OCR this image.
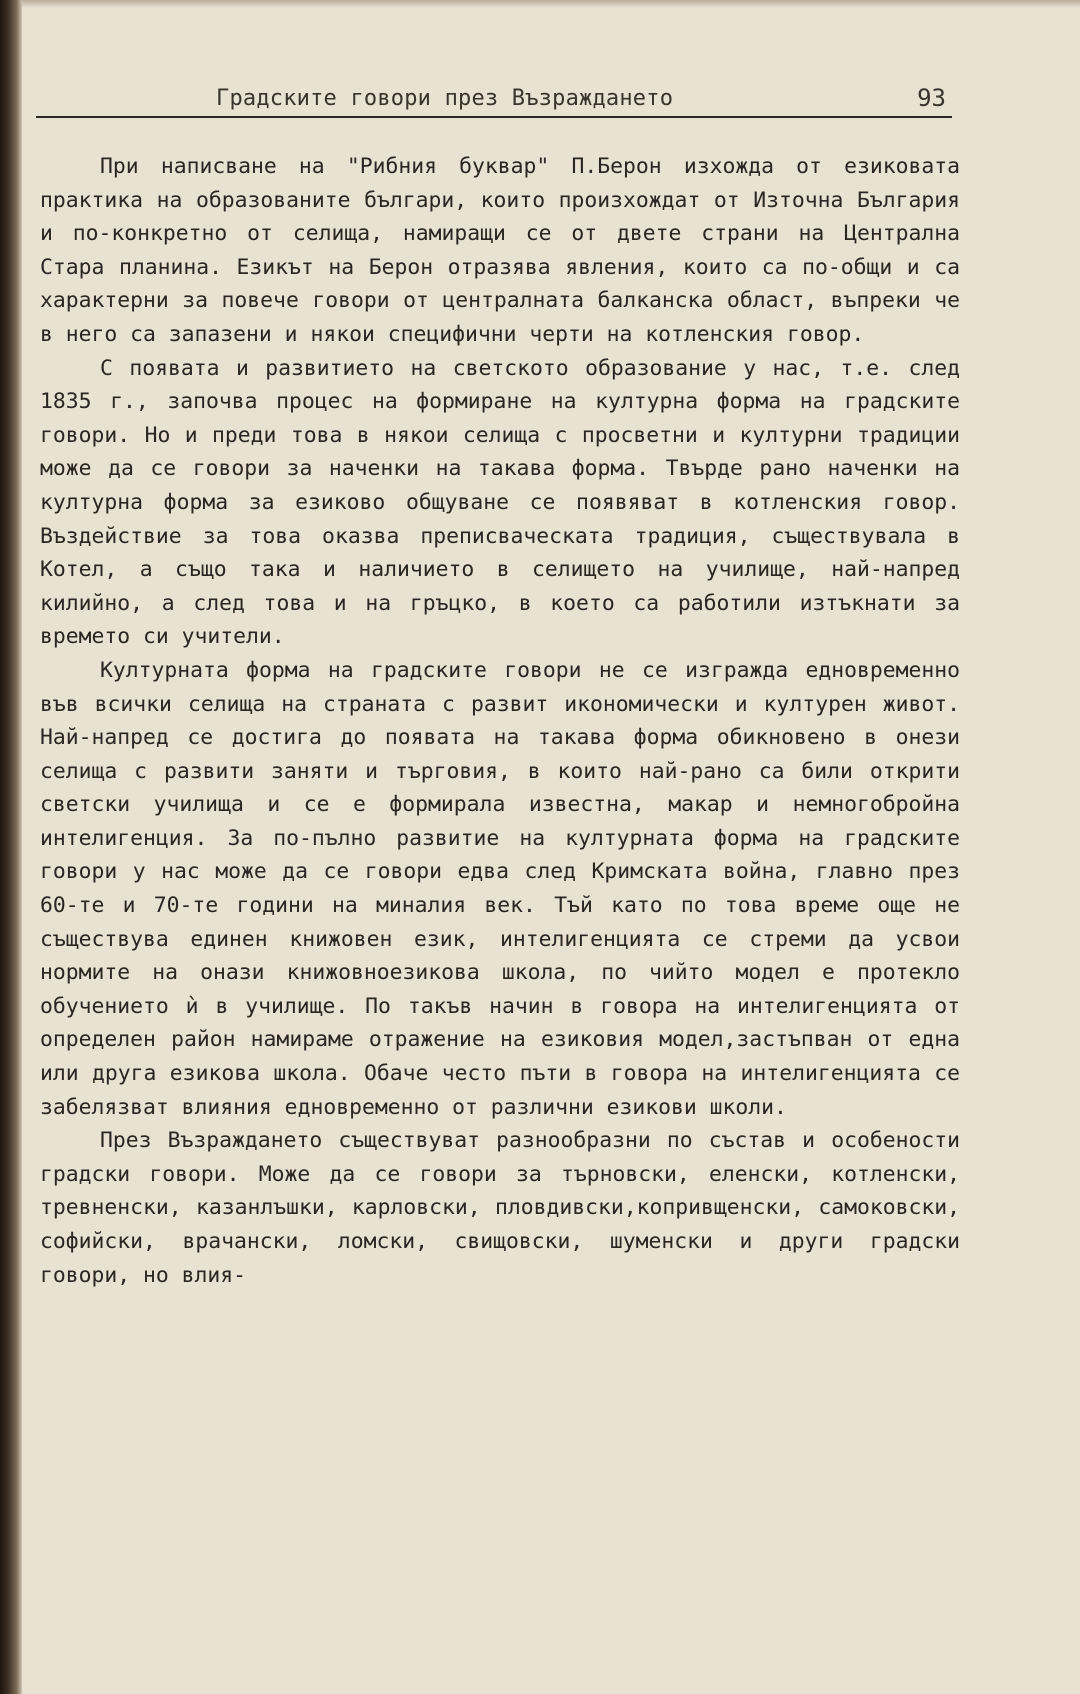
Градските говори през Възраждането	93

При написване на "Рибния буквар" П.Берон изхожда от езиковата практика на образованите българи, които произхождат от Източна България и по-конкретно от селища, намиращи се от двете страни на Централна Стара планина. Езикът на Берон отразява явления, които са по-общи и са характерни за повече говори от централната балканска област, въпреки че в него са запазени и някои специфични черти на котленския говор.

С появата и развитието на светското образование у нас, т.е. след 1835 г., започва процес на формиране на културна форма на градските говори. Но и преди това в някои селища с просветни и културни традиции може да се говори за наченки на такава форма. Твърде рано наченки на културна форма за езиково общуване се появяват в котленския говор. Въздействие за това оказва преписваческата традиция, съществувала в Котел, а също така и наличието в селището на училище, най-напред килийно, а след това и на гръцко, в което са работили изтъкнати за времето си учители.

Културната форма на градските говори не се изгражда едновременно във всички селища на страната с развит икономически и културен живот. Най-напред се достига до появата на такава форма обикновено в онези селища с развити заняти и търговия, в които най-рано са били открити светски училища и се е формирала известна, макар и немногобройна интелигенция. За по-пълно развитие на културната форма на градските говори у нас може да се говори едва след Кримската война, главно през 60-те и 70-те години на миналия век. Тъй като по това време още не съществува единен книжовен език, интелигенцията се стреми да усвои нормите на онази книжовноезикова школа, по чийто модел е протекло обучението ѝ в училище. По такъв начин в говора на интелигенцията от определен район намираме отражение на езиковия модел,застъпван от една или друга езикова школа. Обаче често пъти в говора на интелигенцията се забелязват влияния едновременно от различни езикови школи.

През Възраждането съществуват разнообразни по състав и особености градски говори. Може да се говори за търновски, еленски, котленски, тревненски, казанлъшки, карловски, пловдивски,копривщенски, самоковски, софийски, врачански, ломски, свищовски, шуменски и други градски говори, но влия-
